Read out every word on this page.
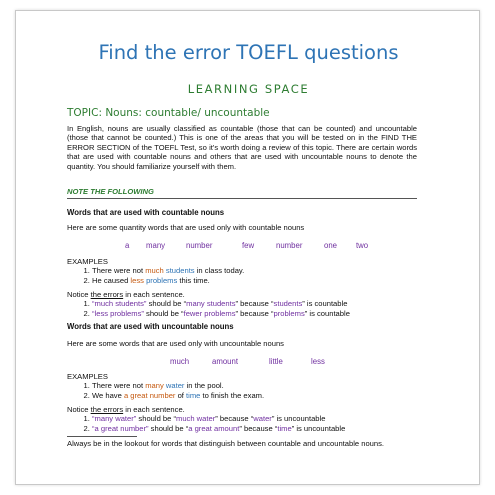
Find the error TOEFL questions
LEARNING SPACE
TOPIC: Nouns: countable/ uncountable
In English, nouns are usually classified as countable (those that can be counted) and uncountable (those that cannot be counted.) This is one of the areas that you will be tested on in the FIND THE ERROR SECTION of the TOEFL Test, so it's worth doing a review of this topic. There are certain words that are used with countable nouns and others that are used with uncountable nouns to denote the quantity. You should familiarize yourself with them.
NOTE THE FOLLOWING
Words that are used with countable nouns
Here are some quantity words that are used only with countable nouns
a many	number	few	number	one two
EXAMPLES
1. There were not much students in class today.
2. He caused less problems this time.
Notice the errors in each sentence.
1. “much students” should be “many students” because “students” is countable
2. “less problems” should be “fewer problems” because “problems” is countable
Words that are used with uncountable nouns
Here are some words that are used only with uncountable nouns
much	amount	little	less
EXAMPLES
1. There were not many water in the pool.
2. We have a great number of time to finish the exam.
Notice the errors in each sentence.
1. “many water” should be “much water” because “water” is uncountable
2. “a great number” should be “a great amount” because “time” is uncountable
Always be in the lookout for words that distinguish between countable and uncountable nouns.
